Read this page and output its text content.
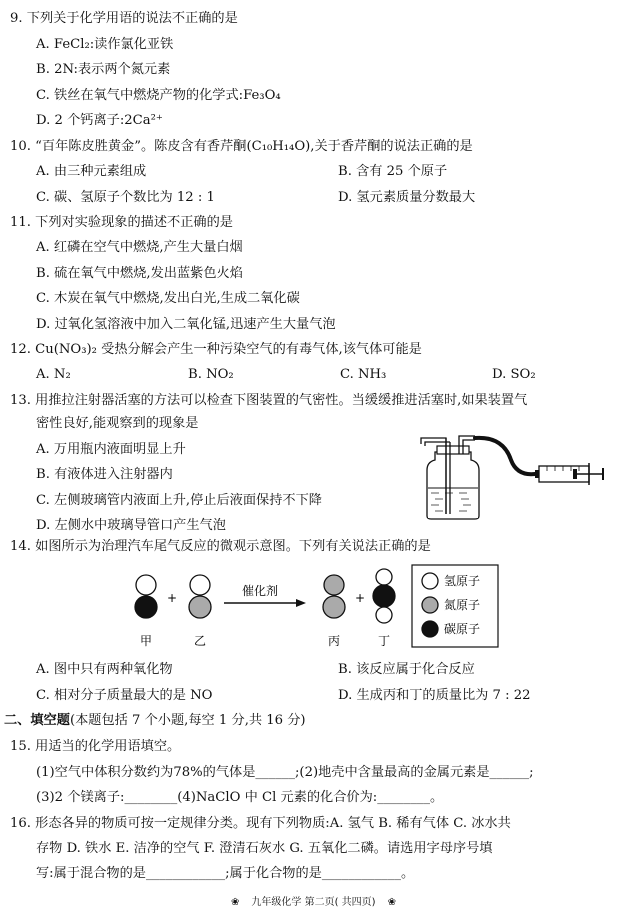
9. 下列关于化学用语的说法不正确的是
A. FeCl₂:读作氯化亚铁
B. 2N:表示两个氮元素
C. 铁丝在氧气中燃烧产物的化学式:Fe₃O₄
D. 2 个钙离子:2Ca²⁺
10. “百年陈皮胜黄金”。陈皮含有香芹酮(C₁₀H₁₄O),关于香芹酮的说法正确的是
A. 由三种元素组成	B. 含有 25 个原子
C. 碳、氢原子个数比为 12 : 1	D. 氢元素质量分数最大
11. 下列对实验现象的描述不正确的是
A. 红磷在空气中燃烧,产生大量白烟
B. 硫在氧气中燃烧,发出蓝紫色火焰
C. 木炭在氧气中燃烧,发出白光,生成二氧化碳
D. 过氧化氢溶液中加入二氧化锰,迅速产生大量气泡
12. Cu(NO₃)₂ 受热分解会产生一种污染空气的有毒气体,该气体可能是
A. N₂	B. NO₂	C. NH₃	D. SO₂
13. 用推拉注射器活塞的方法可以检查下图装置的气密性。当缓缓推进活塞时,如果装置气
密性良好,能观察到的现象是
A. 万用瓶内液面明显上升
B. 有液体进入注射器内
C. 左侧玻璃管内液面上升,停止后液面保持不下降
D. 左侧水中玻璃导管口产生气泡
14. 如图所示为治理汽车尾气反应的微观示意图。下列有关说法正确的是
+	催化剂	+
甲	乙	丙	丁
氢原子
氮原子
碳原子
A. 图中只有两种氧化物	B. 该反应属于化合反应
C. 相对分子质量最大的是 NO	D. 生成丙和丁的质量比为 7 : 22
二、填空题(本题包括 7 个小题,每空 1 分,共 16 分)
15. 用适当的化学用语填空。
(1)空气中体积分数约为78%的气体是______;(2)地壳中含量最高的金属元素是______;
(3)2 个镁离子:________(4)NaClO 中 Cl 元素的化合价为:________。
16. 形态各异的物质可按一定规律分类。现有下列物质:A. 氢气 B. 稀有气体 C. 冰水共
存物 D. 铁水 E. 洁净的空气 F. 澄清石灰水 G. 五氧化二磷。请选用字母序号填
写:属于混合物的是____________;属于化合物的是____________。
❀ 九年级化学 第二页( 共四页) ❀
